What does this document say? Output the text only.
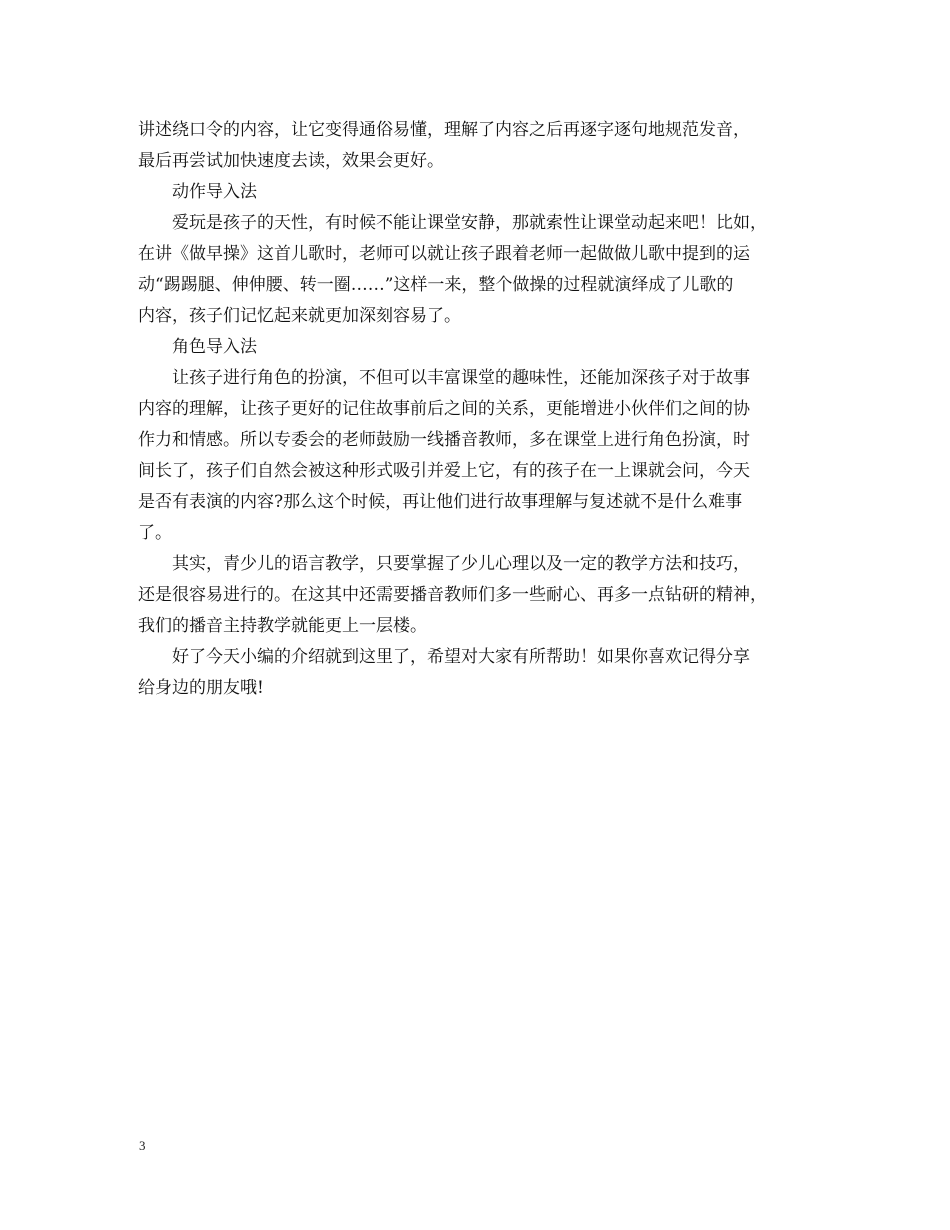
讲述绕口令的内容，让它变得通俗易懂，理解了内容之后再逐字逐句地规范发音，
最后再尝试加快速度去读，效果会更好。

动作导入法

爱玩是孩子的天性，有时候不能让课堂安静，那就索性让课堂动起来吧！比如，
在讲《做早操》这首儿歌时，老师可以就让孩子跟着老师一起做做儿歌中提到的运
动“踢踢腿、伸伸腰、转一圈……”这样一来，整个做操的过程就演绎成了儿歌的
内容，孩子们记忆起来就更加深刻容易了。

角色导入法

让孩子进行角色的扮演，不但可以丰富课堂的趣味性，还能加深孩子对于故事
内容的理解，让孩子更好的记住故事前后之间的关系，更能增进小伙伴们之间的协
作力和情感。所以专委会的老师鼓励一线播音教师，多在课堂上进行角色扮演，时
间长了，孩子们自然会被这种形式吸引并爱上它，有的孩子在一上课就会问，今天
是否有表演的内容?那么这个时候，再让他们进行故事理解与复述就不是什么难事
了。

其实，青少儿的语言教学，只要掌握了少儿心理以及一定的教学方法和技巧，
还是很容易进行的。在这其中还需要播音教师们多一些耐心、再多一点钻研的精神，
我们的播音主持教学就能更上一层楼。

好了今天小编的介绍就到这里了，希望对大家有所帮助！如果你喜欢记得分享
给身边的朋友哦!

3
